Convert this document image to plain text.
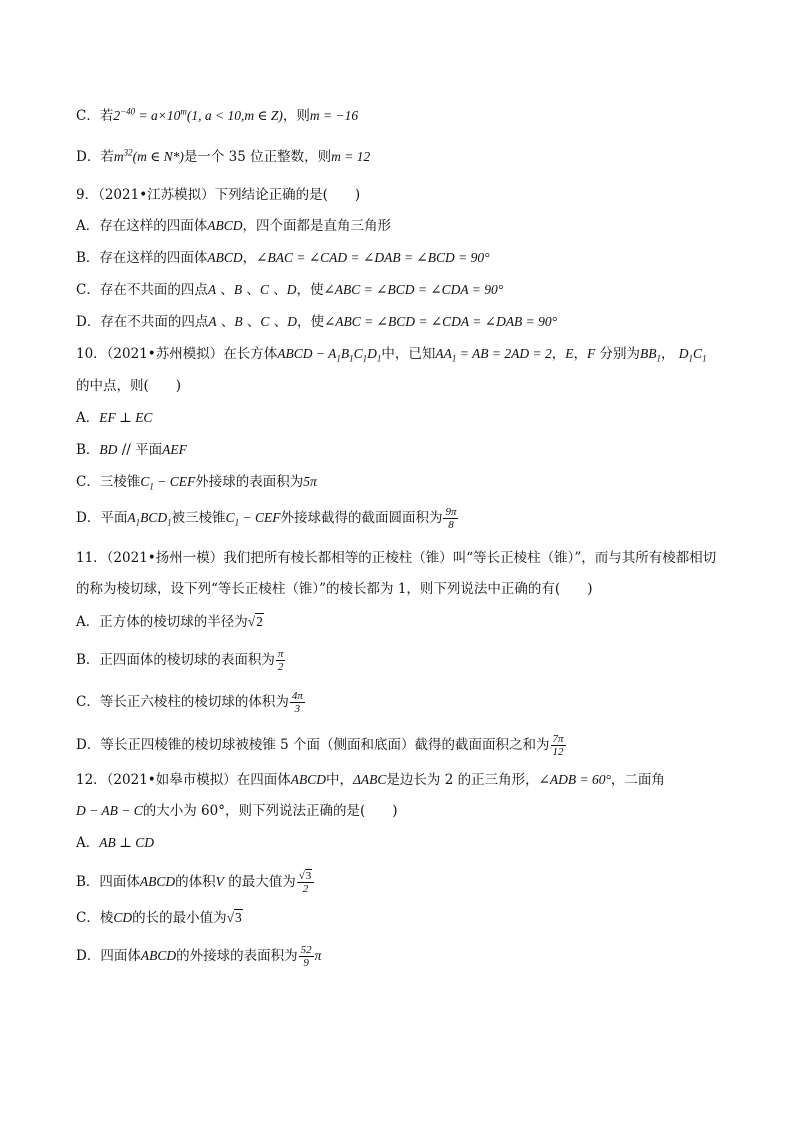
C．若$2^{-40} = a\times 10^m(1$, a < 10,m ∈ Z)，则m = −16
D．若$m^{32}(m$ ∈ N*)是一个 35 位正整数，则m = 12
9．（2021•江苏模拟）下列结论正确的是(　　)
A．存在这样的四面体ABCD，四个面都是直角三角形
B．存在这样的四面体ABCD，∠BAC = ∠CAD = ∠DAB = ∠BCD = 90°
C．存在不共面的四点A 、B 、C 、D，使∠ABC = ∠BCD = ∠CDA = 90°
D．存在不共面的四点A 、B 、C 、D，使∠ABC = ∠BCD = ∠CDA = ∠DAB = 90°
10．（2021•苏州模拟）在长方体ABCD − $A_1B_1C_1D_1$中，已知$AA_1$ = AB = 2AD = 2，E，F 分别为$BB_1$， $D_1C_1$
的中点，则(　　)
A．EF ⊥ EC
B．BD // 平面AEF
C．三棱锥$C_1$ − CEF外接球的表面积为5π
D．平面$A_1BCD_1$被三棱锥$C_1$ − CEF外接球截得的截面圆面积为 $\frac{9\pi}{8}$
11．（2021•扬州一模）我们把所有棱长都相等的正棱柱（锥）叫“等长正棱柱（锥）”，而与其所有棱都相切
的称为棱切球，设下列“等长正棱柱（锥）”的棱长都为 1，则下列说法中正确的有(　　)
A．正方体的棱切球的半径为√2
B．正四面体的棱切球的表面积为 $\frac{\pi}{2}$
C．等长正六棱柱的棱切球的体积为 $\frac{4\pi}{3}$
D．等长正四棱锥的棱切球被棱锥 5 个面（侧面和底面）截得的截面面积之和为 $\frac{7\pi}{12}$
12．（2021•如皋市模拟）在四面体ABCD中，ΔABC是边长为 2 的正三角形，∠ADB = 60°，二面角
D − AB − C的大小为 60°，则下列说法正确的是(　　)
A．AB ⊥ CD
B．四面体ABCD的体积V 的最大值为 $\frac{√3}{2}$
C．棱CD的长的最小值为√3
D．四面体ABCD的外接球的表面积为 $\frac{52}{9}$ π
